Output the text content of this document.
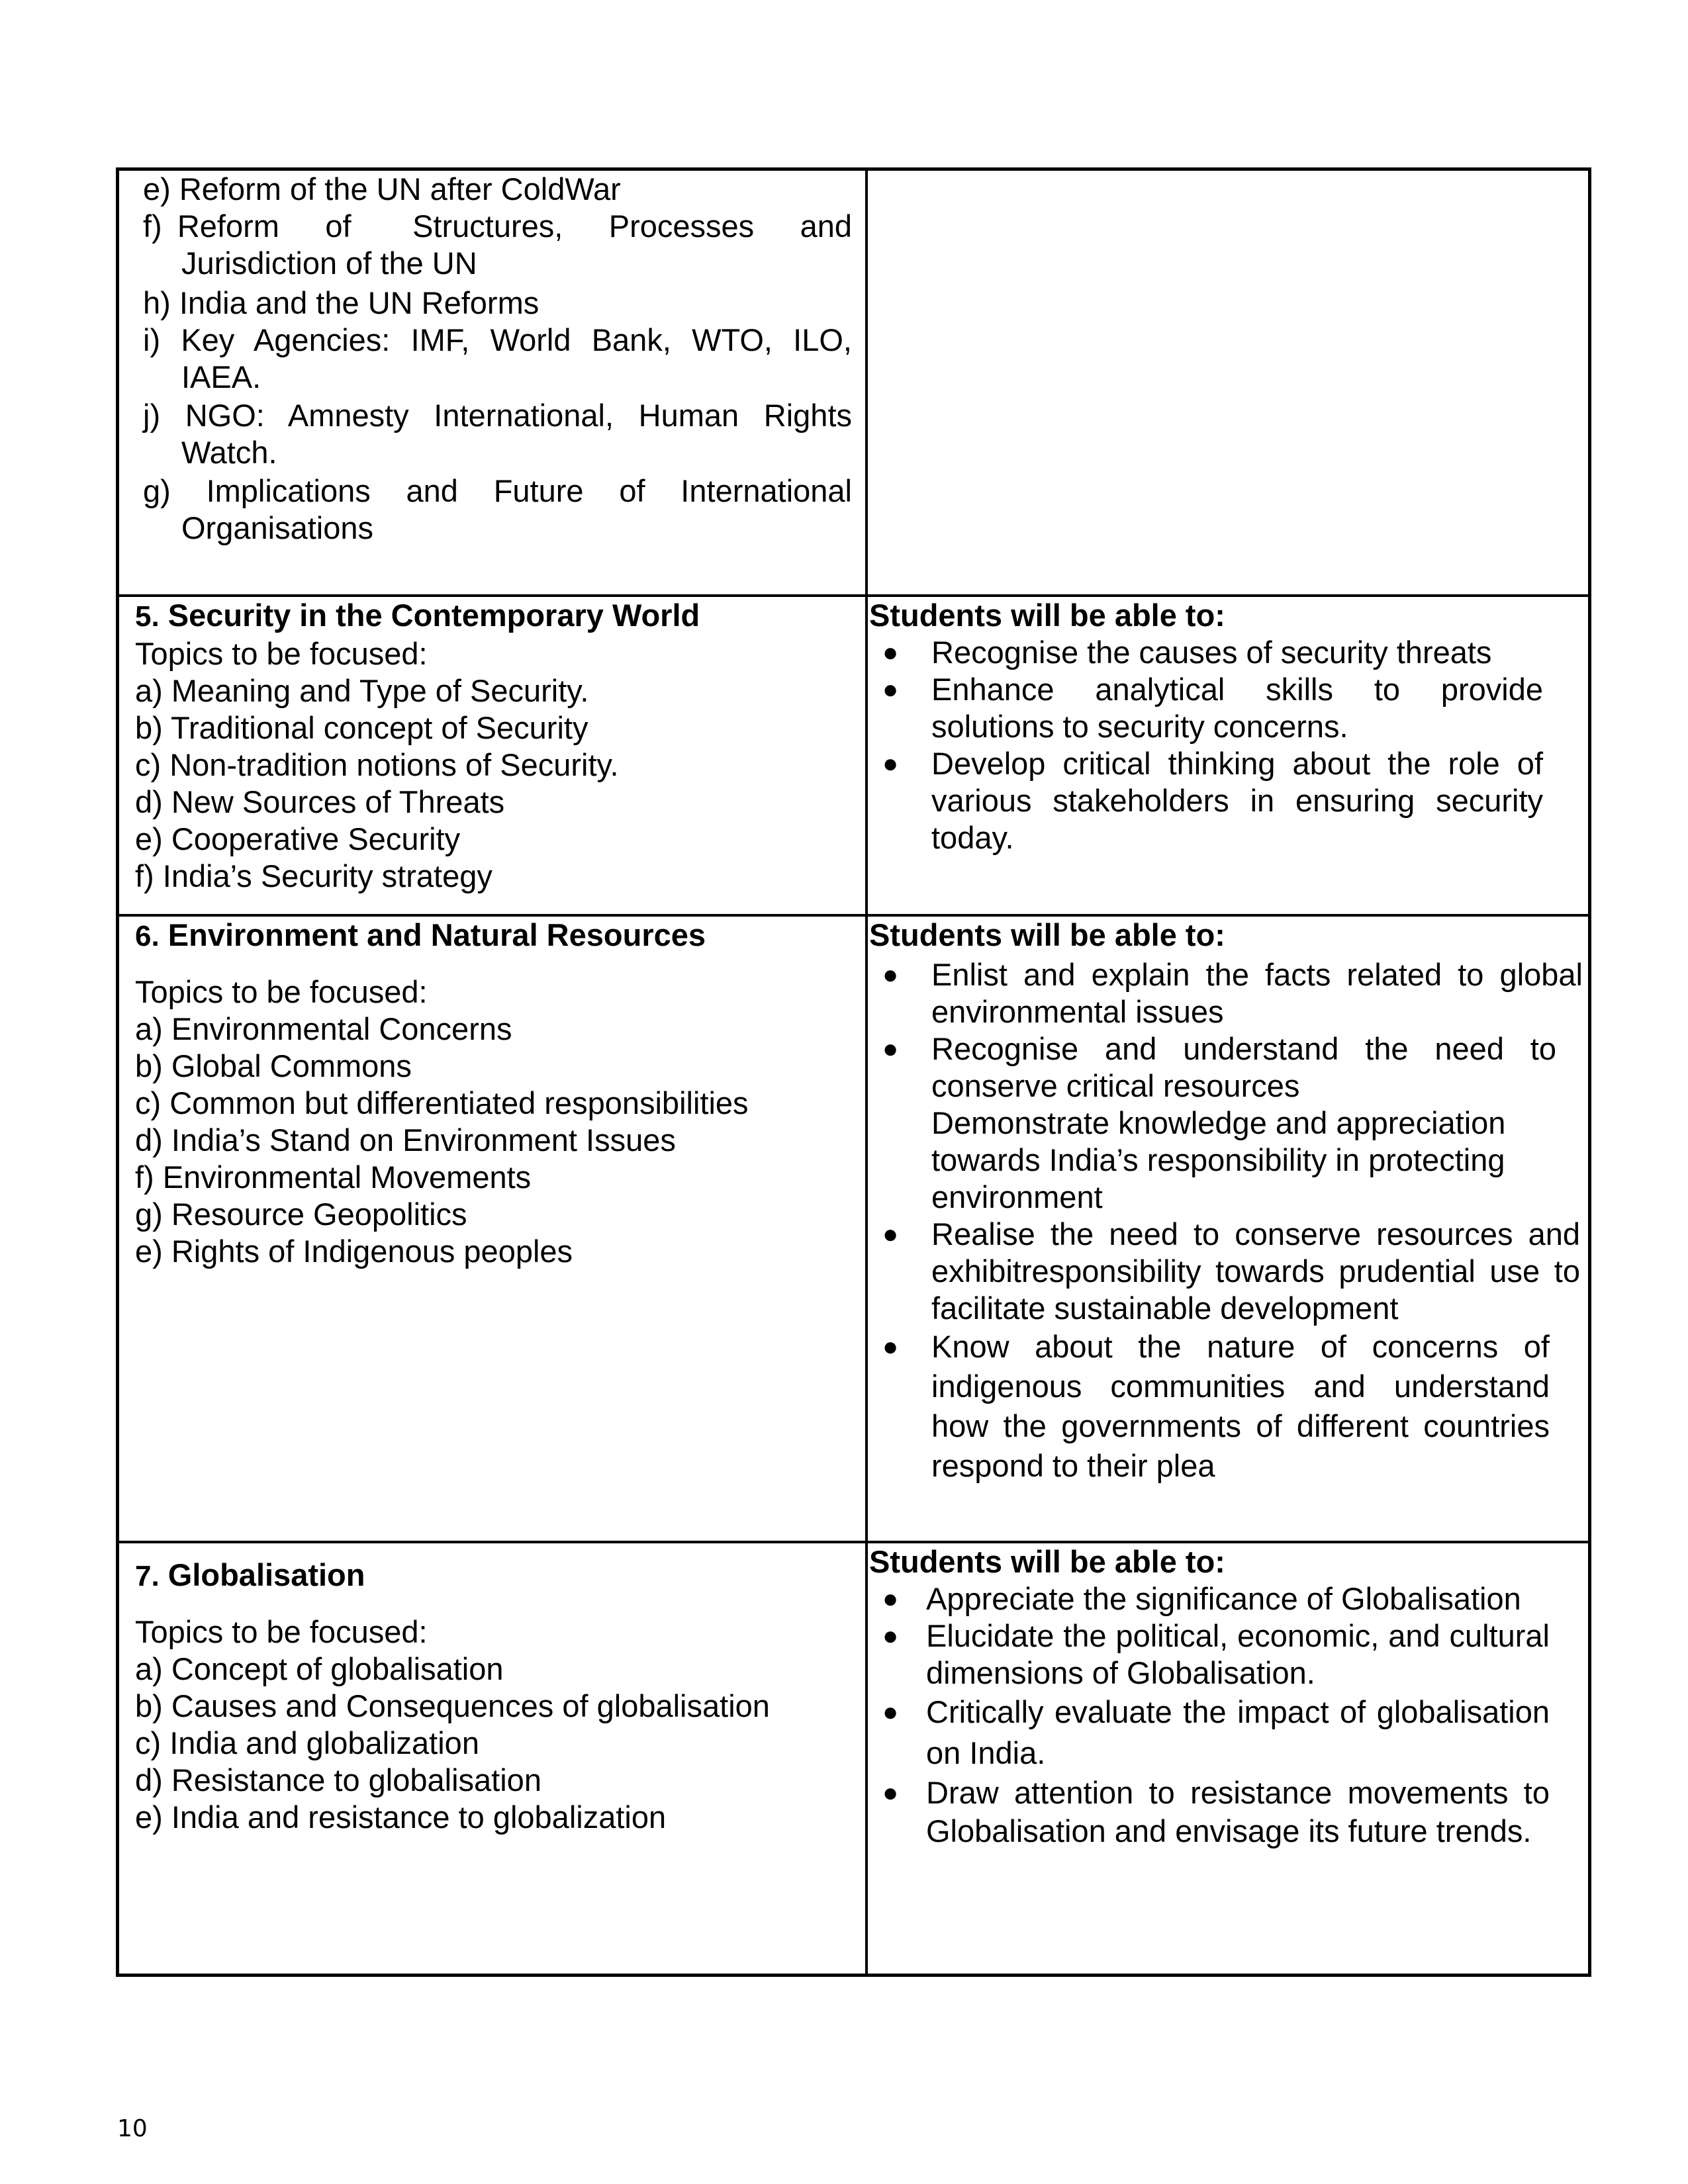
e) Reform of the UN after ColdWar
f) Reform   of    Structures,   Processes   and
Jurisdiction of the UN
h) India and the UN Reforms
i) Key Agencies: IMF, World Bank, WTO, ILO, IAEA.
j) NGO: Amnesty International, Human Rights Watch.
g) Implications and Future of International Organisations
5. Security in the Contemporary World
Topics to be focused:
a) Meaning and Type of Security.
b) Traditional concept of Security
c) Non-tradition notions of Security.
d) New Sources of Threats
e) Cooperative Security
f) India’s Security strategy
Students will be able to:
● Recognise the causes of security threats
● Enhance analytical skills to provide solutions to security concerns.
● Develop critical thinking about the role of various stakeholders in ensuring security today.
6. Environment and Natural Resources
Topics to be focused:
a) Environmental Concerns
b) Global Commons
c) Common but differentiated responsibilities
d) India’s Stand on Environment Issues
f) Environmental Movements
g) Resource Geopolitics
e) Rights of Indigenous peoples
Students will be able to:
● Enlist and explain the facts related to global environmental issues
● Recognise and understand the need to conserve critical resources
Demonstrate knowledge and appreciation towards India’s responsibility in protecting environment
● Realise the need to conserve resources and exhibitresponsibility towards prudential use to facilitate sustainable development
● Know about the nature of concerns of indigenous communities and understand how the governments of different countries respond to their plea
7. Globalisation
Topics to be focused:
a) Concept of globalisation
b) Causes and Consequences of globalisation
c) India and globalization
d) Resistance to globalisation
e) India and resistance to globalization
Students will be able to:
● Appreciate the significance of Globalisation
● Elucidate the political, economic, and cultural dimensions of Globalisation.
● Critically evaluate the impact of globalisation on India.
● Draw attention to resistance movements to Globalisation and envisage its future trends.
10
